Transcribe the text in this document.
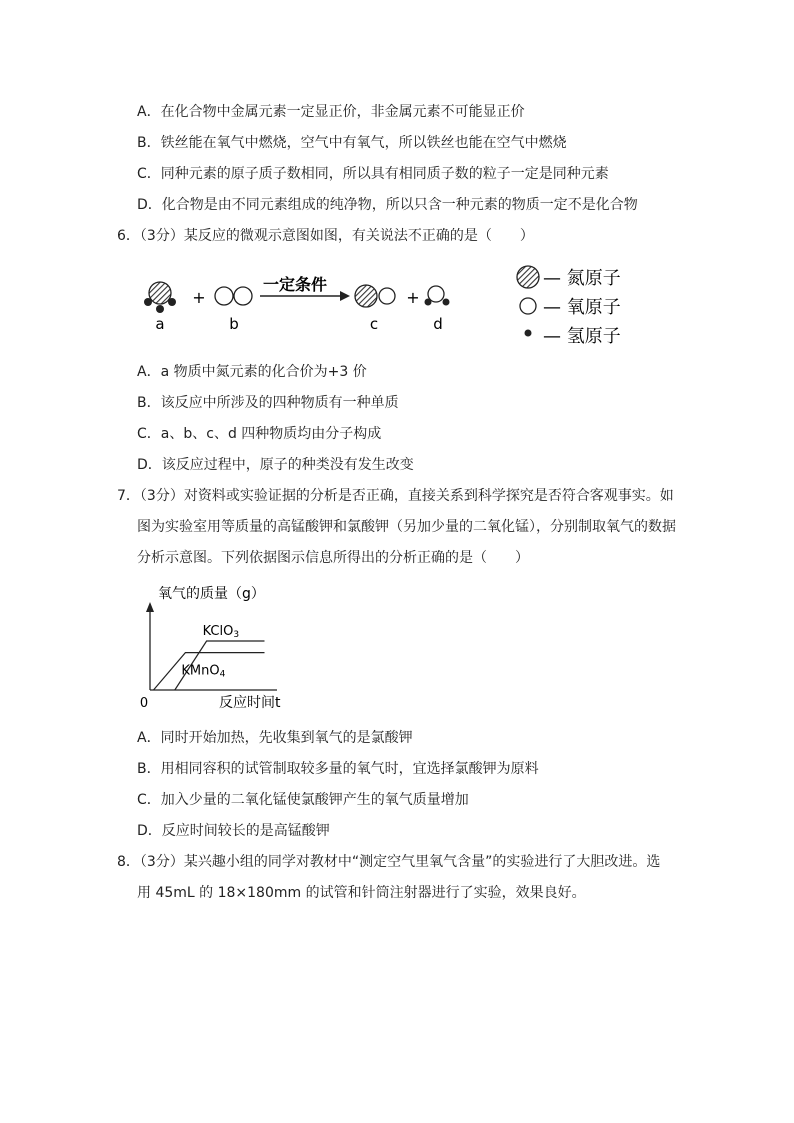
A．在化合物中金属元素一定显正价，非金属元素不可能显正价
B．铁丝能在氧气中燃烧，空气中有氧气，所以铁丝也能在空气中燃烧
C．同种元素的原子质子数相同，所以具有相同质子数的粒子一定是同种元素
D．化合物是由不同元素组成的纯净物，所以只含一种元素的物质一定不是化合物
6．（3分）某反应的微观示意图如图，有关说法不正确的是（　　）
a
+
b
一定条件
c
+
d
— 氮原子
— 氧原子
— 氢原子
A．a 物质中氮元素的化合价为+3 价
B．该反应中所涉及的四种物质有一种单质
C．a、b、c、d 四种物质均由分子构成
D．该反应过程中，原子的种类没有发生改变
7．（3分）对资料或实验证据的分析是否正确，直接关系到科学探究是否符合客观事实。如
图为实验室用等质量的高锰酸钾和氯酸钾（另加少量的二氧化锰），分别制取氧气的数据
分析示意图。下列依据图示信息所得出的分析正确的是（　　）
氧气的质量（g）
0	反应时间t
KClO3
KMnO4
A．同时开始加热，先收集到氧气的是氯酸钾
B．用相同容积的试管制取较多量的氧气时，宜选择氯酸钾为原料
C．加入少量的二氧化锰使氯酸钾产生的氧气质量增加
D．反应时间较长的是高锰酸钾
8．（3分）某兴趣小组的同学对教材中“测定空气里氧气含量”的实验进行了大胆改进。选
用 45mL 的 18×180mm 的试管和针筒注射器进行了实验，效果良好。
